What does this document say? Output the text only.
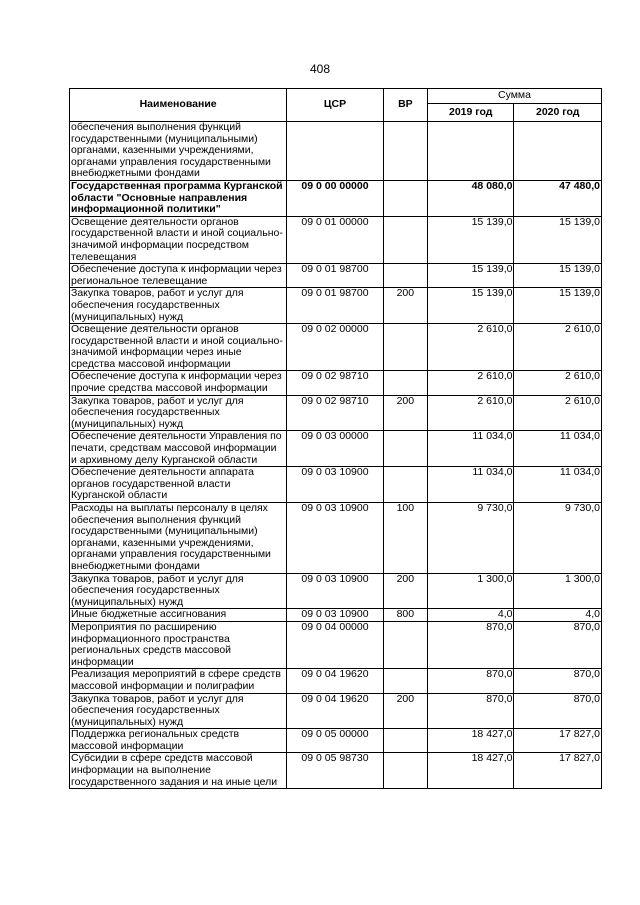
408
Наименование	ЦСР	ВР	Сумма	
			2019 год	2020 год
обеспечения выполнения функций государственными (муниципальными) органами, казенными учреждениями, органами управления государственными внебюджетными фондами				
Государственная программа Курганской области "Основные направления информационной политики"	09 0 00 00000		48 080,0	47 480,0
Освещение деятельности органов государственной власти и иной социально-значимой информации посредством телевещания	09 0 01 00000		15 139,0	15 139,0
Обеспечение доступа к информации через региональное телевещание	09 0 01 98700		15 139,0	15 139,0
Закупка товаров, работ и услуг для обеспечения государственных (муниципальных) нужд	09 0 01 98700	200	15 139,0	15 139,0
Освещение деятельности органов государственной власти и иной социально-значимой информации через иные средства массовой информации	09 0 02 00000		2 610,0	2 610,0
Обеспечение доступа к информации через прочие средства массовой информации	09 0 02 98710		2 610,0	2 610,0
Закупка товаров, работ и услуг для обеспечения государственных (муниципальных) нужд	09 0 02 98710	200	2 610,0	2 610,0
Обеспечение деятельности Управления по печати, средствам массовой информации и архивному делу Курганской области	09 0 03 00000		11 034,0	11 034,0
Обеспечение деятельности аппарата органов государственной власти Курганской области	09 0 03 10900		11 034,0	11 034,0
Расходы на выплаты персоналу в целях обеспечения выполнения функций государственными (муниципальными) органами, казенными учреждениями, органами управления государственными внебюджетными фондами	09 0 03 10900	100	9 730,0	9 730,0
Закупка товаров, работ и услуг для обеспечения государственных (муниципальных) нужд	09 0 03 10900	200	1 300,0	1 300,0
Иные бюджетные ассигнования	09 0 03 10900	800	4,0	4,0
Мероприятия по расширению информационного пространства региональных средств массовой информации	09 0 04 00000		870,0	870,0
Реализация мероприятий в сфере средств массовой информации и полиграфии	09 0 04 19620		870,0	870,0
Закупка товаров, работ и услуг для обеспечения государственных (муниципальных) нужд	09 0 04 19620	200	870,0	870,0
Поддержка региональных средств массовой информации	09 0 05 00000		18 427,0	17 827,0
Субсидии в сфере средств массовой информации на выполнение государственного задания и на иные цели	09 0 05 98730		18 427,0	17 827,0
